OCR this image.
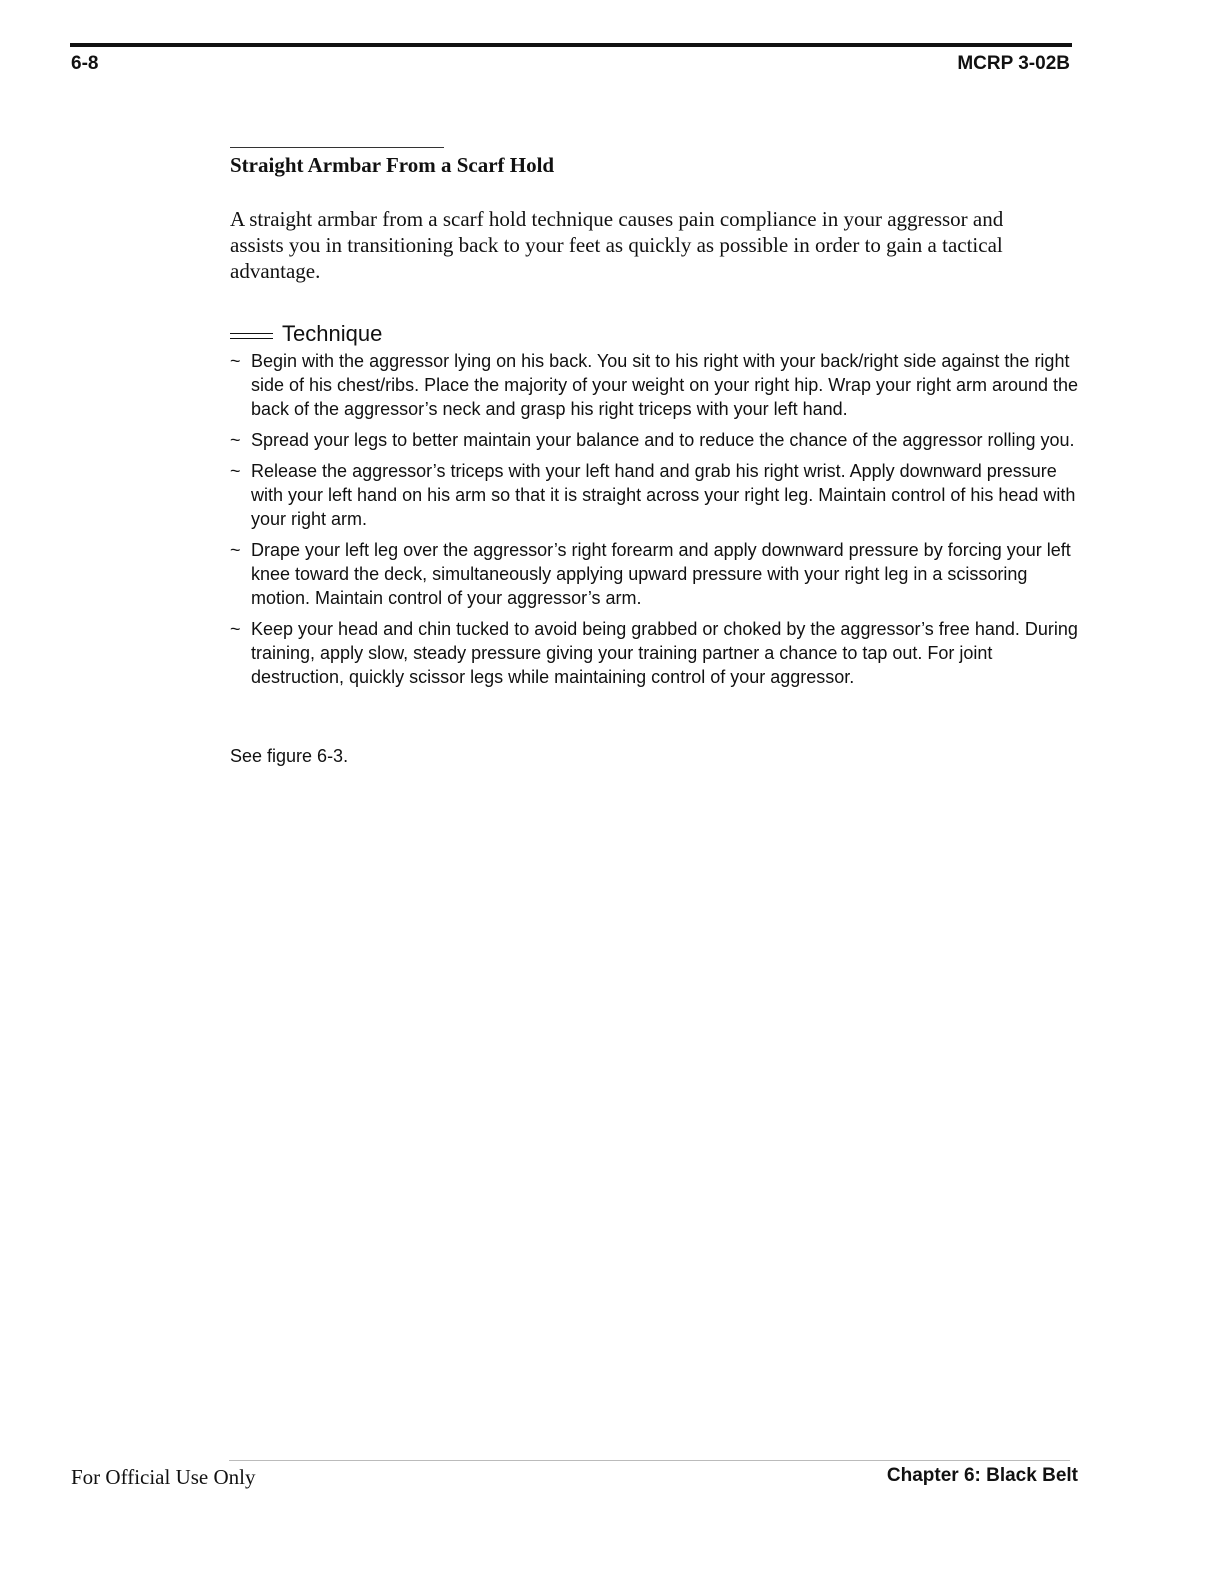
6-8	MCRP 3-02B
Straight Armbar From a Scarf Hold

A straight armbar from a scarf hold technique causes pain compliance in your aggressor and assists you in transitioning back to your feet as quickly as possible in order to gain a tactical advantage.

Technique
~ Begin with the aggressor lying on his back. You sit to his right with your back/right side against the right side of his chest/ribs. Place the majority of your weight on your right hip. Wrap your right arm around the back of the aggressor’s neck and grasp his right triceps with your left hand.
~ Spread your legs to better maintain your balance and to reduce the chance of the aggressor rolling you.
~ Release the aggressor’s triceps with your left hand and grab his right wrist. Apply downward pressure with your left hand on his arm so that it is straight across your right leg. Maintain control of his head with your right arm.
~ Drape your left leg over the aggressor’s right forearm and apply downward pressure by forcing your left knee toward the deck, simultaneously applying upward pressure with your right leg in a scissoring motion. Maintain control of your aggressor’s arm.
~ Keep your head and chin tucked to avoid being grabbed or choked by the aggressor’s free hand. During training, apply slow, steady pressure giving your training partner a chance to tap out. For joint destruction, quickly scissor legs while maintaining control of your aggressor.
See figure 6-3.
For Official Use Only	Chapter 6: Black Belt
